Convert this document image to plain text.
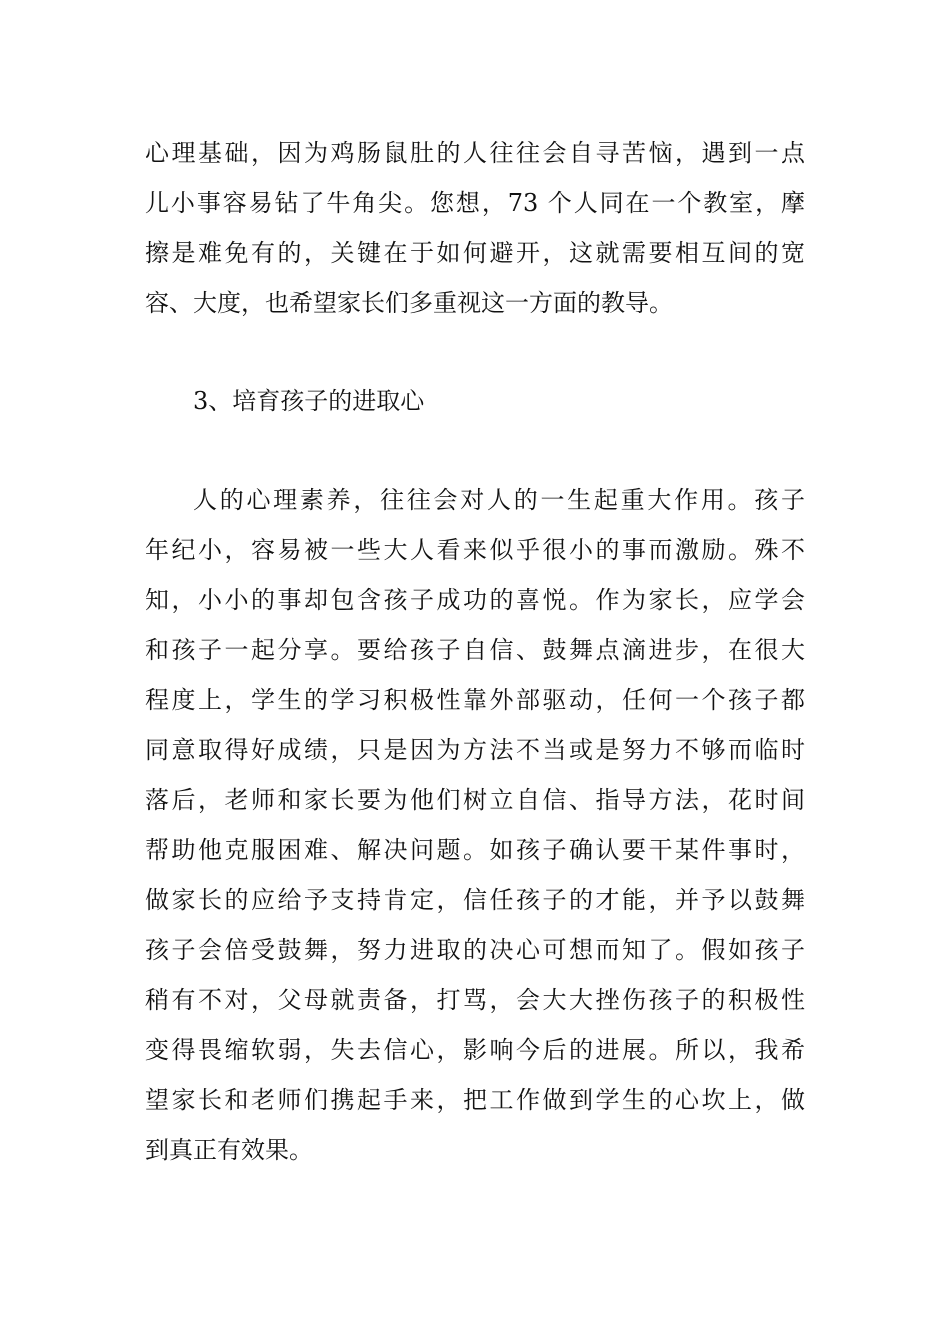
心理基础，因为鸡肠鼠肚的人往往会自寻苦恼，遇到一点
儿小事容易钻了牛角尖。您想，73 个人同在一个教室，摩
擦是难免有的，关键在于如何避开，这就需要相互间的宽
容、大度，也希望家长们多重视这一方面的教导。
3、培育孩子的进取心
人的心理素养，往往会对人的一生起重大作用。孩子
年纪小，容易被一些大人看来似乎很小的事而激励。殊不
知，小小的事却包含孩子成功的喜悦。作为家长，应学会
和孩子一起分享。要给孩子自信、鼓舞点滴进步，在很大
程度上，学生的学习积极性靠外部驱动，任何一个孩子都
同意取得好成绩，只是因为方法不当或是努力不够而临时
落后，老师和家长要为他们树立自信、指导方法，花时间
帮助他克服困难、解决问题。如孩子确认要干某件事时，
做家长的应给予支持肯定，信任孩子的才能，并予以鼓舞
孩子会倍受鼓舞，努力进取的决心可想而知了。假如孩子
稍有不对，父母就责备，打骂，会大大挫伤孩子的积极性
变得畏缩软弱，失去信心，影响今后的进展。所以，我希
望家长和老师们携起手来，把工作做到学生的心坎上，做
到真正有效果。
